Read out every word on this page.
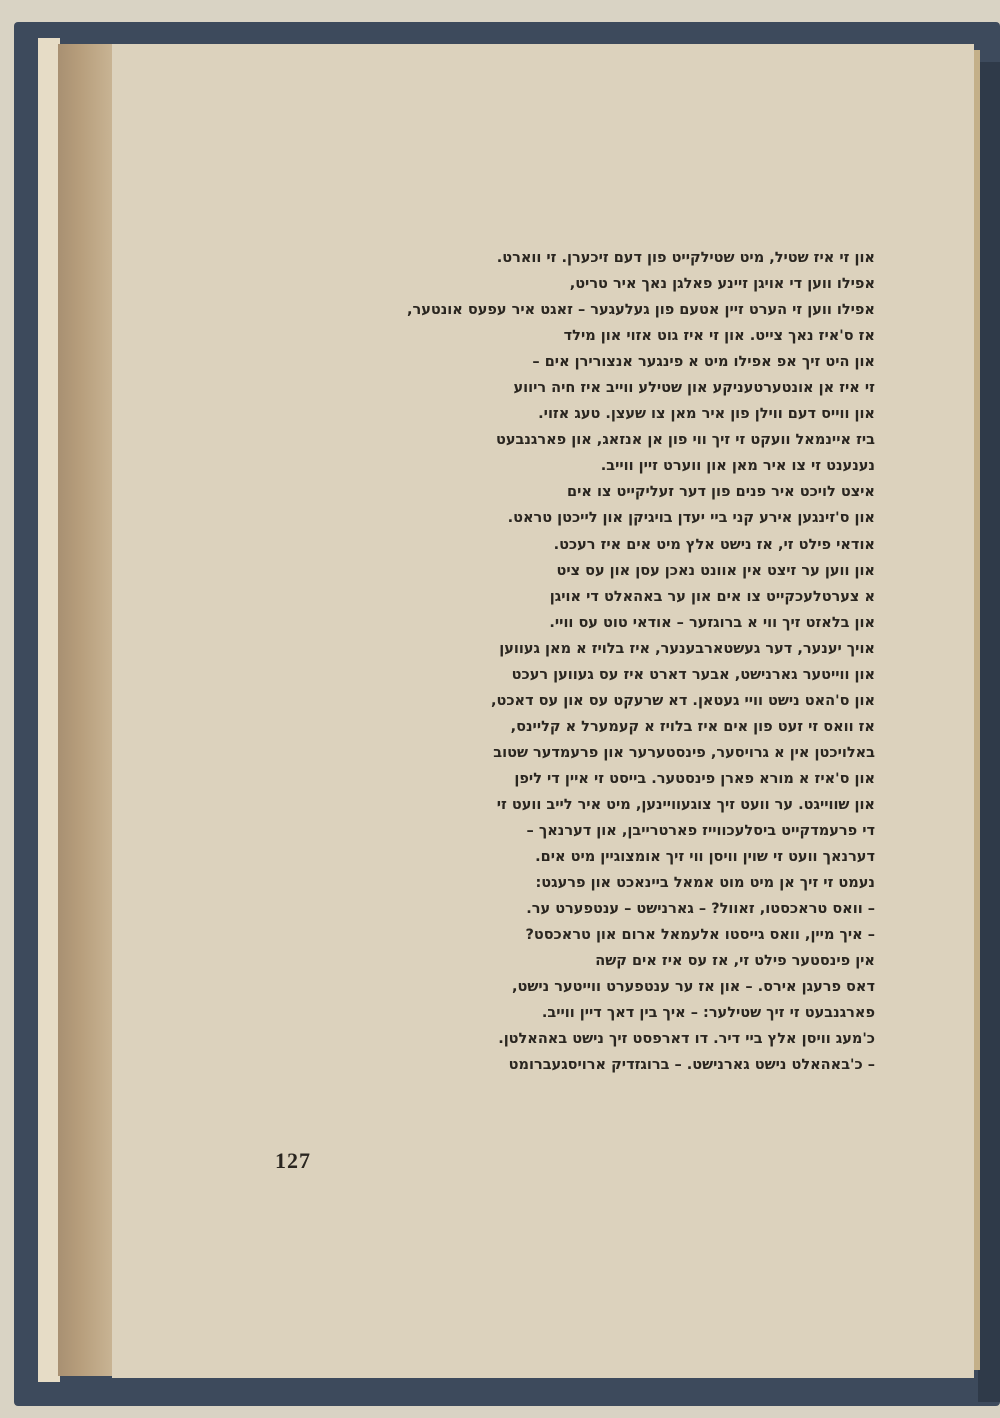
און זי איז שטיל, מיט שטילקייט פון דעם זיכערן. זי ווארט.
אפילו ווען די אויגן זיינע פאלגן נאך איר טריט,
אפילו ווען זי הערט זיין אטעם פון געלעגער – זאגט איר עפעס אונטער,
אז ס'איז נאך צייט. און זי איז גוט אזוי און מילד
און היט זיך אפ אפילו מיט א פינגער אנצורירן אים –
זי איז אן אונטערטעניקע און שטילע ווייב איז חיה ריווע
און ווייס דעם ווילן פון איר מאן צו שעצן. טעג אזוי.
ביז איינמאל וועקט זי זיך ווי פון אן אנזאג, און פארגנבעט
נענענט זי צו איר מאן און ווערט זיין ווייב.
איצט לויכט איר פנים פון דער זעליקייט צו אים
און ס'זינגען אירע קני ביי יעדן בויגיקן און לייכטן טראט.
אודאי פילט זי, אז נישט אלץ מיט אים איז רעכט.
און ווען ער זיצט אין אוונט נאכן עסן און עס ציט
א צערטלעכקייט צו אים און ער באהאלט די אויגן
און בלאזט זיך ווי א ברוגזער – אודאי טוט עס וויי.
אויך יענער, דער געשטארבענער, איז בלויז א מאן געווען
און ווייטער גארנישט, אבער דארט איז עס געווען רעכט
און ס'האט נישט וויי געטאן. דא שרעקט עס און עס דאכט,
אז וואס זי זעט פון אים איז בלויז א קעמערל א קליינס,
באלויכטן אין א גרויסער, פינסטערער און פרעמדער שטוב
און ס'איז א מורא פארן פינסטער. בייסט זי איין די ליפן
און שווייגט. ער וועט זיך צוגעוויינען, מיט איר לייב וועט זי
די פרעמדקייט ביסלעכווייז פארטרייבן, און דערנאך –
דערנאך וועט זי שוין וויסן ווי זיך אומצוגיין מיט אים.
נעמט זי זיך אן מיט מוט אמאל ביינאכט און פרעגט:
– וואס טראכסטו, זאוול? – גארנישט – ענטפערט ער.
– איך מיין, וואס גייסטו אלעמאל ארום און טראכסט?
אין פינסטער פילט זי, אז עס איז אים קשה
דאס פרעגן אירס. – און אז ער ענטפערט ווייטער נישט,
פארגנבעט זי זיך שטילער: – איך בין דאך דיין ווייב.
כ'מעג וויסן אלץ ביי דיר. דו דארפסט זיך נישט באהאלטן.
– כ'באהאלט נישט גארנישט. – ברוגזדיק ארויסגעברומט
127
